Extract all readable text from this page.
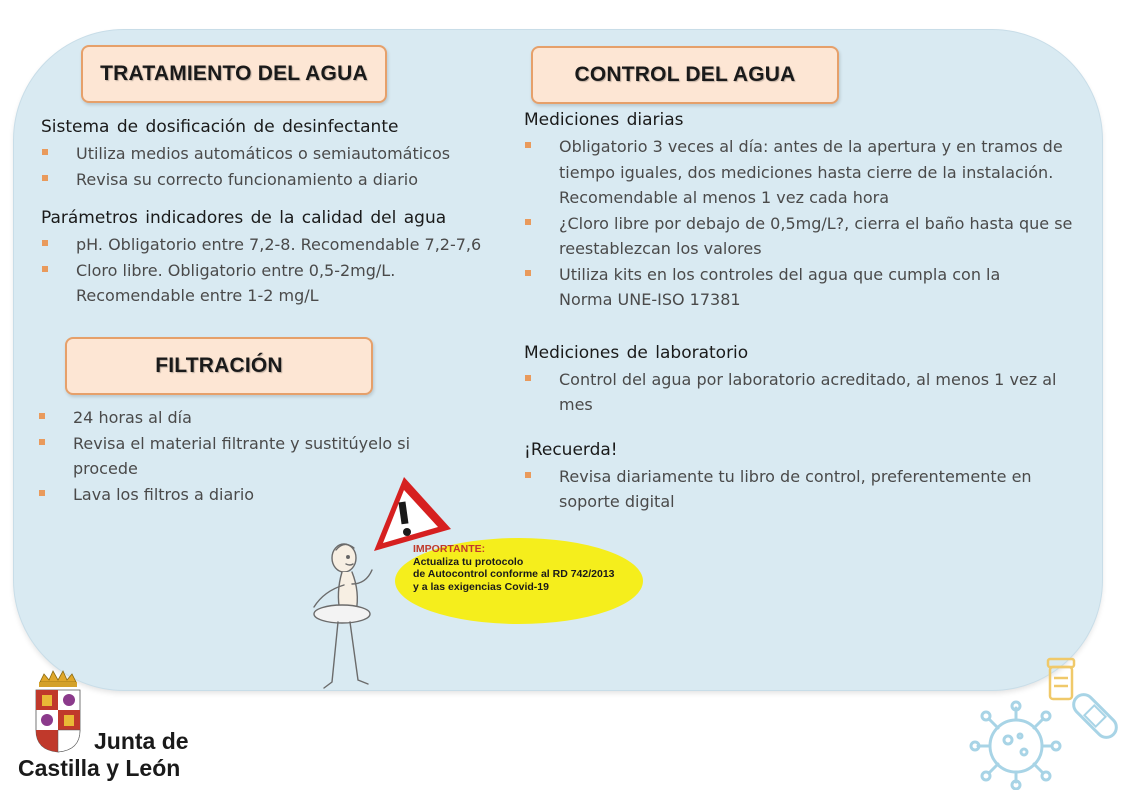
TRATAMIENTO DEL AGUA	CONTROL DEL AGUA
FILTRACIÓN
Sistema de dosificación de desinfectante
Utiliza medios automáticos o semiautomáticos
Revisa su correcto funcionamiento a diario
Parámetros indicadores de la calidad del agua
pH. Obligatorio entre 7,2-8. Recomendable 7,2-7,6
Cloro libre. Obligatorio entre 0,5-2mg/L. Recomendable entre 1-2 mg/L
24 horas al día
Revisa el material filtrante y sustitúyelo si procede
Lava los filtros a diario
Mediciones diarias
Obligatorio 3 veces al día: antes de la apertura y en tramos de tiempo iguales, dos mediciones hasta cierre de la instalación. Recomendable al menos 1 vez cada hora
¿Cloro libre por debajo de 0,5mg/L?, cierra el baño hasta que se reestablezcan los valores
Utiliza kits en los controles del agua que cumpla con la Norma UNE-ISO 17381
Mediciones de laboratorio
Control del agua por laboratorio acreditado, al menos 1 vez al mes
¡Recuerda!
Revisa diariamente tu libro de control, preferentemente en soporte digital
IMPORTANTE:
Actualiza tu protocolo
de Autocontrol conforme al RD 742/2013
y a las exigencias Covid-19
Junta de
Castilla y León
